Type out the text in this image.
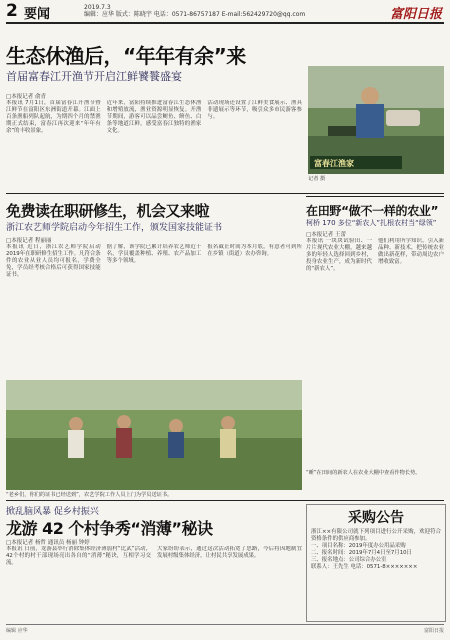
2 要闻	2019.7.3
编辑：应华 版式：陈晓宇 电话：0571-86757187 E-mail:562429720@qq.com	富阳日报
生态休渔后，“年年有余”来
首届富春江开渔节开启江鲜饕餮盛宴
□本报记者 俞青
本报讯 7月1日，首届富春江开渔节暨江鲜节在富阳区东洲街道开幕。江面上百条渔船列队起航，为期四个月的禁渔期正式结束，富春江再次迎来“年年有余”的丰收景象。
近年来，富阳持续推进富春江生态休渔和增殖放流，渔业资源明显恢复。开渔节期间，游客可以品尝鲥鱼、鲚鱼、白条等地道江鲜，感受富春江独特的渔家文化。
活动现场还设置了江鲜美食展示、渔具非遗展示等环节，吸引众多市民游客参与。
富春江渔家
记者 摄
免费读在职研修生，机会又来啦
浙江农艺师学院启动今年招生工作，颁发国家技能证书
□本报记者 程丽丽
本报讯 近日，浙江农艺师学院启动2019年在职研修生招生工作。凡符合条件的农业从业人员均可报名，学费全免，学员经考核合格后可获得国家技能证书。
据了解，该学院已累计培养农艺师近千名，学员覆盖种植、养殖、农产品加工等多个领域。
报名截止时间为本月底，有意者可到所在乡镇（街道）农办咨询。
“老乡们，你们的证书已经送到”，农艺学院工作人员上门为学员送证书。
在田野“做不一样的农业”
柯桥 170 多位“新农人”扎根农村当“绿领”
□本报记者 王蕾
本报讯 一块块试验田、一片片现代农业大棚，越来越多的年轻人选择回到乡村，投身农业生产，成为新时代的“新农人”。
他们利用所学知识，引入新品种、新技术，把传统农业做出新花样，带动周边农户增收致富。
“睡”在田间的新农人在农业大棚中查看作物长势。
掀乱脑风暴 促乡村振兴
龙游 42 个村争秀“消薄”秘诀
□本报记者 杨哲 通讯员 杨丽 钟婷
本报讯 日前，龙游县举行消除集体经济薄弱村“比武”活动，42个村的村干部现场亮出各自的“消薄”秘诀，互相学习交流。
大家纷纷表示，通过这次活动拓宽了思路，今后将因地制宜发展村级集体经济，让村民共享发展成果。
采购公告
浙江××有限公司就下列项目进行公开采购，欢迎符合资格条件的供应商参加。
一、项目名称：2019年度办公用品采购
二、报名时间：2019年7月4日至7月10日
三、报名地点：公司综合办公室
联系人：王先生 电话：0571-8×××××××
编辑 应华	富阳日报
